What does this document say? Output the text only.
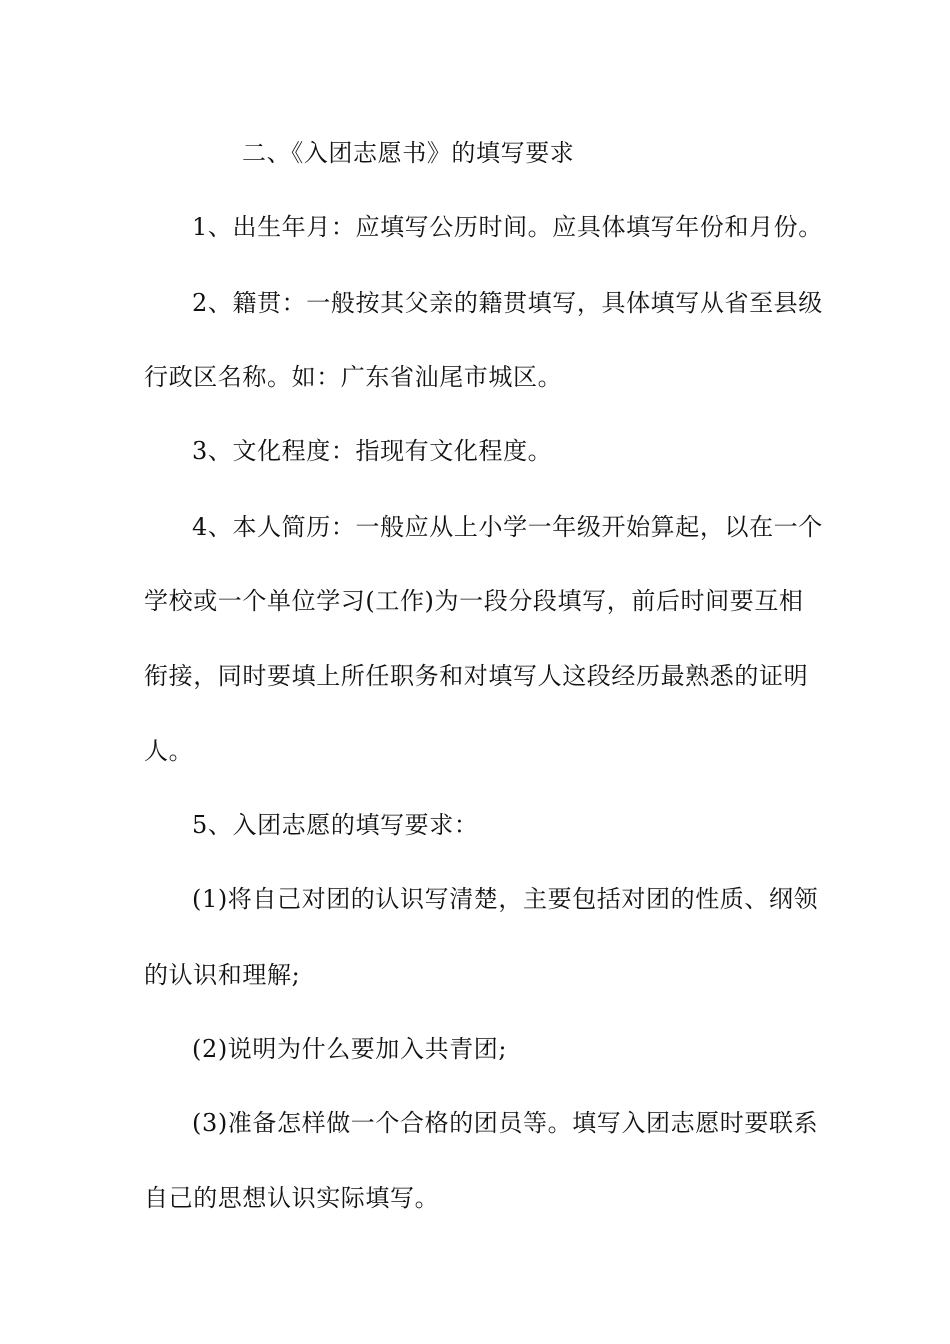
二、《入团志愿书》的填写要求
1、出生年月：应填写公历时间。应具体填写年份和月份。
2、籍贯：一般按其父亲的籍贯填写，具体填写从省至县级
行政区名称。如：广东省汕尾市城区。
3、文化程度：指现有文化程度。
4、本人简历：一般应从上小学一年级开始算起，以在一个
学校或一个单位学习(工作)为一段分段填写，前后时间要互相
衔接，同时要填上所任职务和对填写人这段经历最熟悉的证明
人。
5、入团志愿的填写要求：
(1)将自己对团的认识写清楚，主要包括对团的性质、纲领
的认识和理解;
(2)说明为什么要加入共青团;
(3)准备怎样做一个合格的团员等。填写入团志愿时要联系
自己的思想认识实际填写。
